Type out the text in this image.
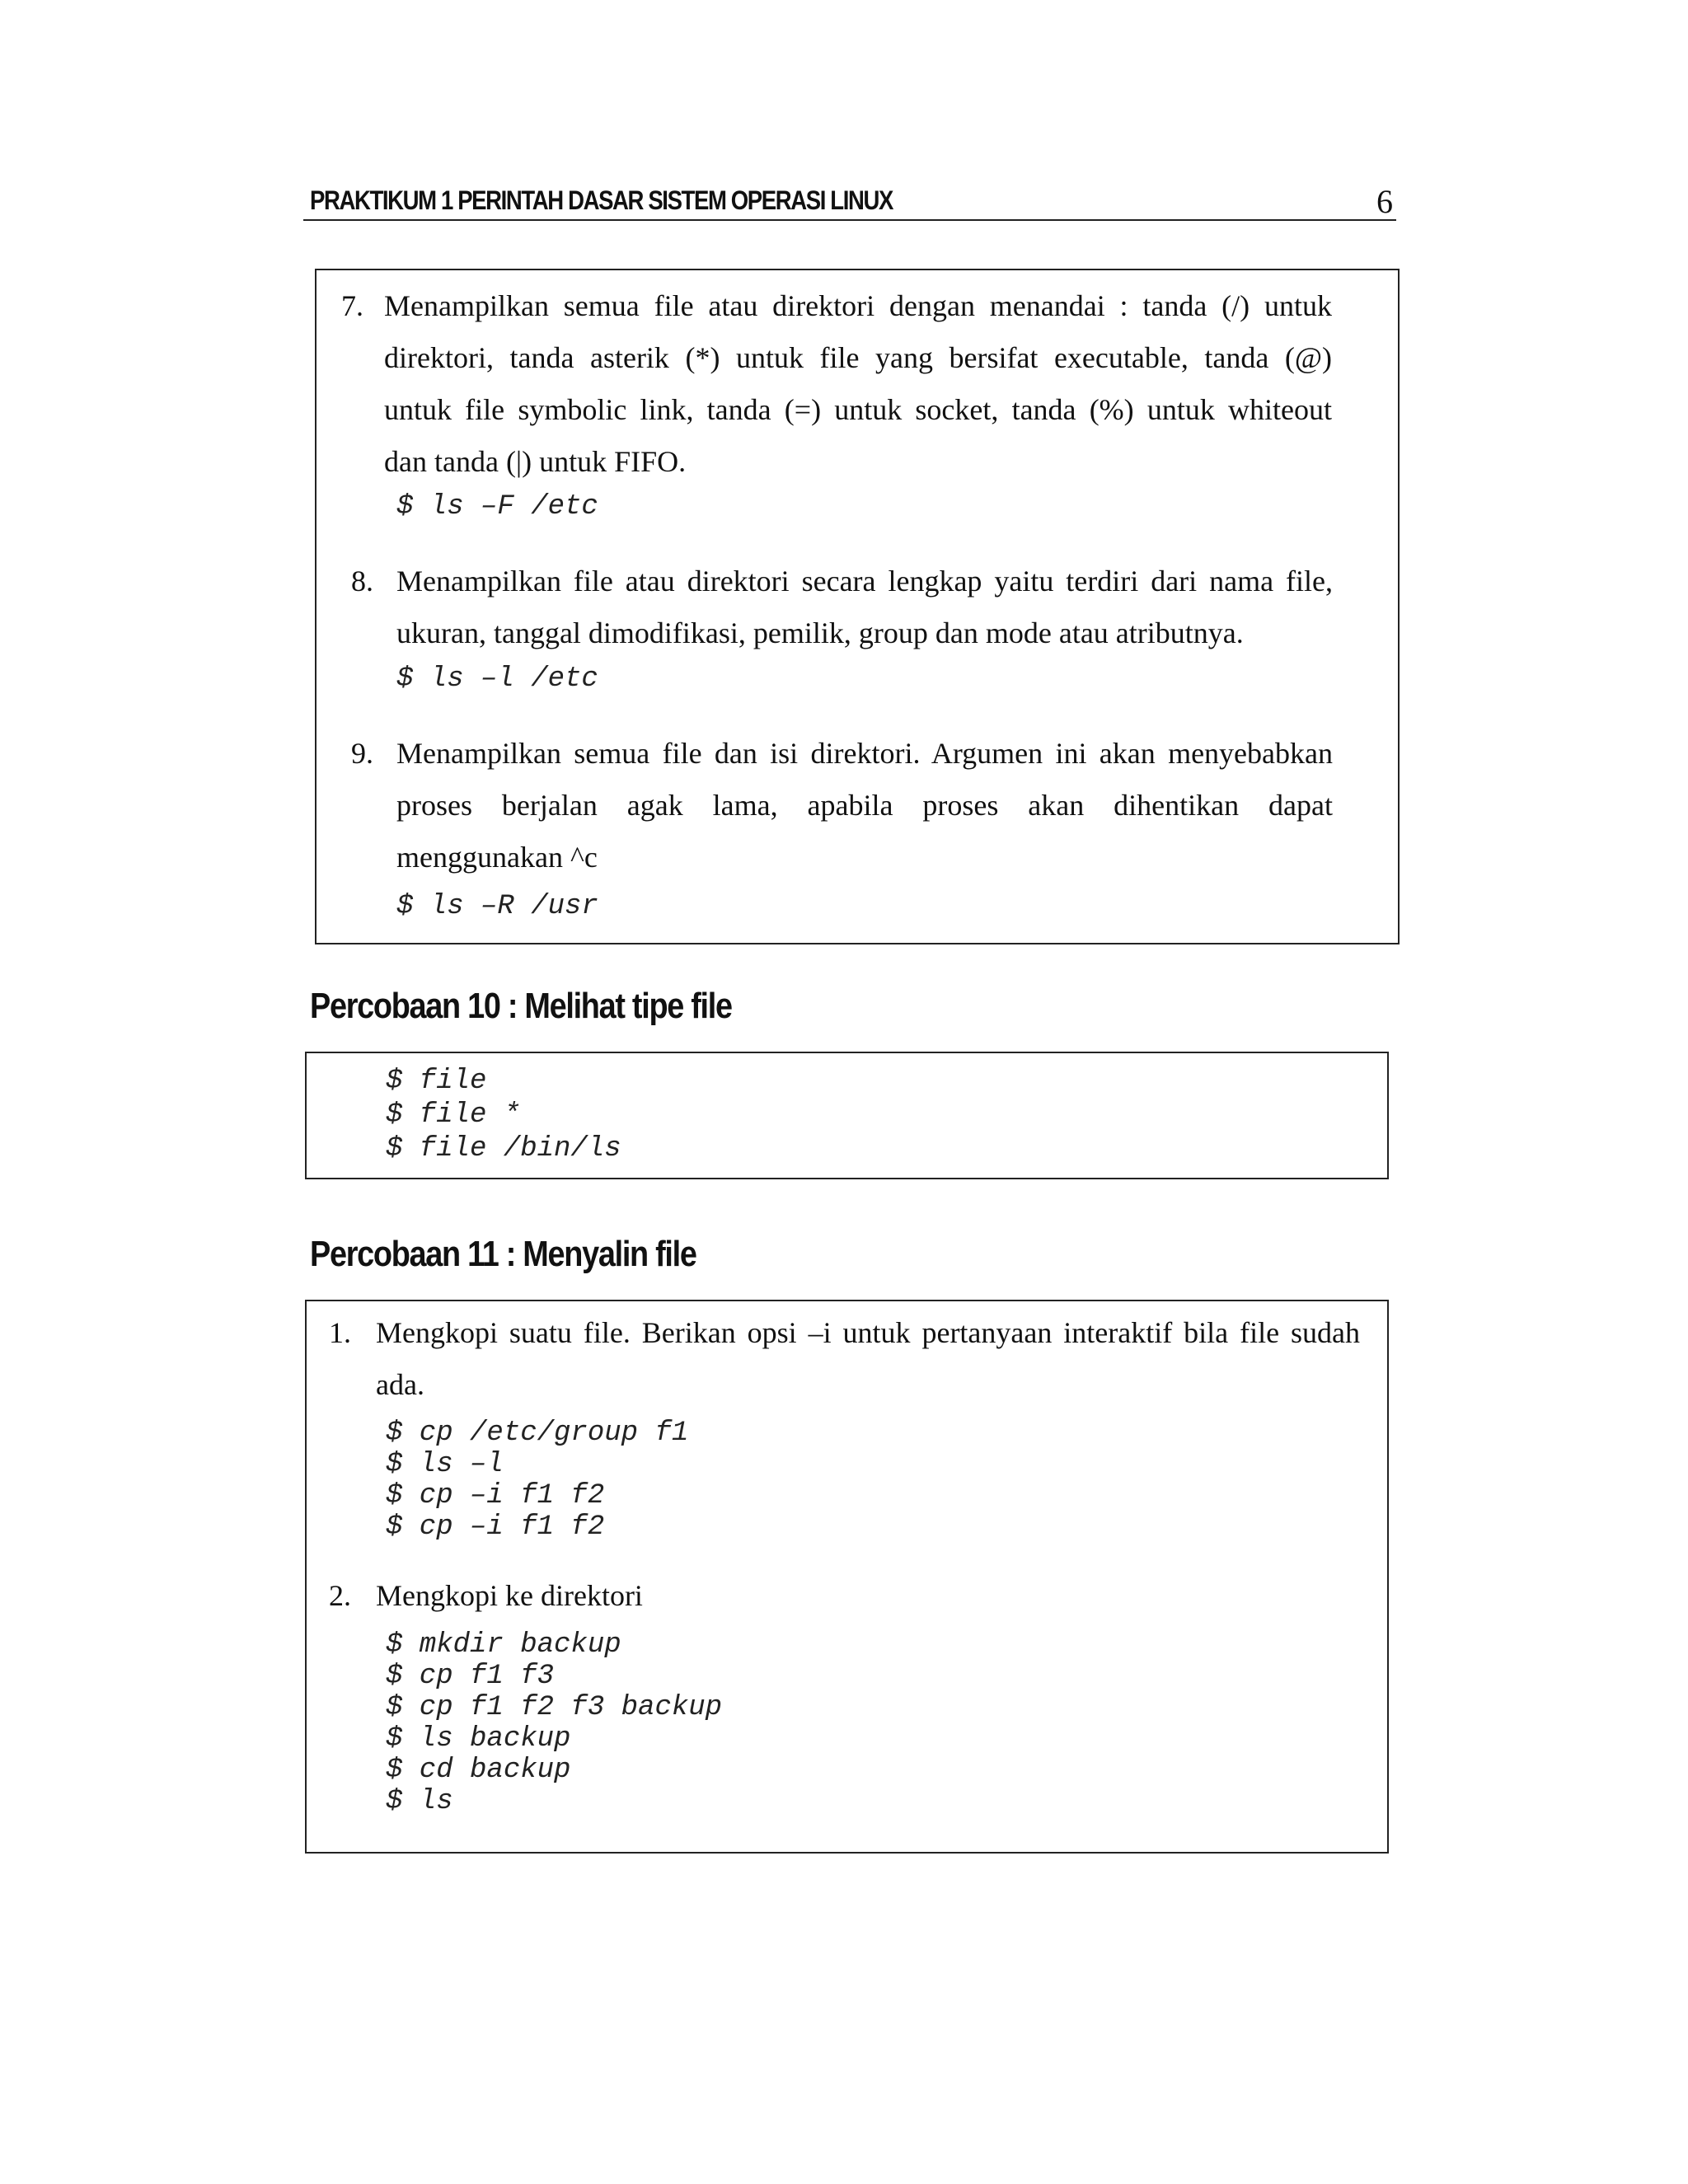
PRAKTIKUM 1 PERINTAH DASAR SISTEM OPERASI LINUX	6
7. Menampilkan semua file atau direktori dengan menandai : tanda (/) untuk
direktori, tanda asterik (*) untuk file yang bersifat executable, tanda (@)
untuk file symbolic link, tanda (=) untuk socket, tanda (%) untuk whiteout
dan tanda (|) untuk FIFO.
$ ls –F /etc
8. Menampilkan file atau direktori secara lengkap yaitu terdiri dari nama file,
ukuran, tanggal dimodifikasi, pemilik, group dan mode atau atributnya.
$ ls –l /etc
9. Menampilkan semua file dan isi direktori. Argumen ini akan menyebabkan
proses berjalan agak lama, apabila proses akan dihentikan dapat
menggunakan ^c
$ ls –R /usr
Percobaan 10 : Melihat tipe file
$ file
$ file *
$ file /bin/ls
Percobaan 11 : Menyalin file
1. Mengkopi suatu file. Berikan opsi –i untuk pertanyaan interaktif bila file sudah
ada.
$ cp /etc/group f1
$ ls –l
$ cp –i f1 f2
$ cp –i f1 f2
2. Mengkopi ke direktori
$ mkdir backup
$ cp f1 f3
$ cp f1 f2 f3 backup
$ ls backup
$ cd backup
$ ls
